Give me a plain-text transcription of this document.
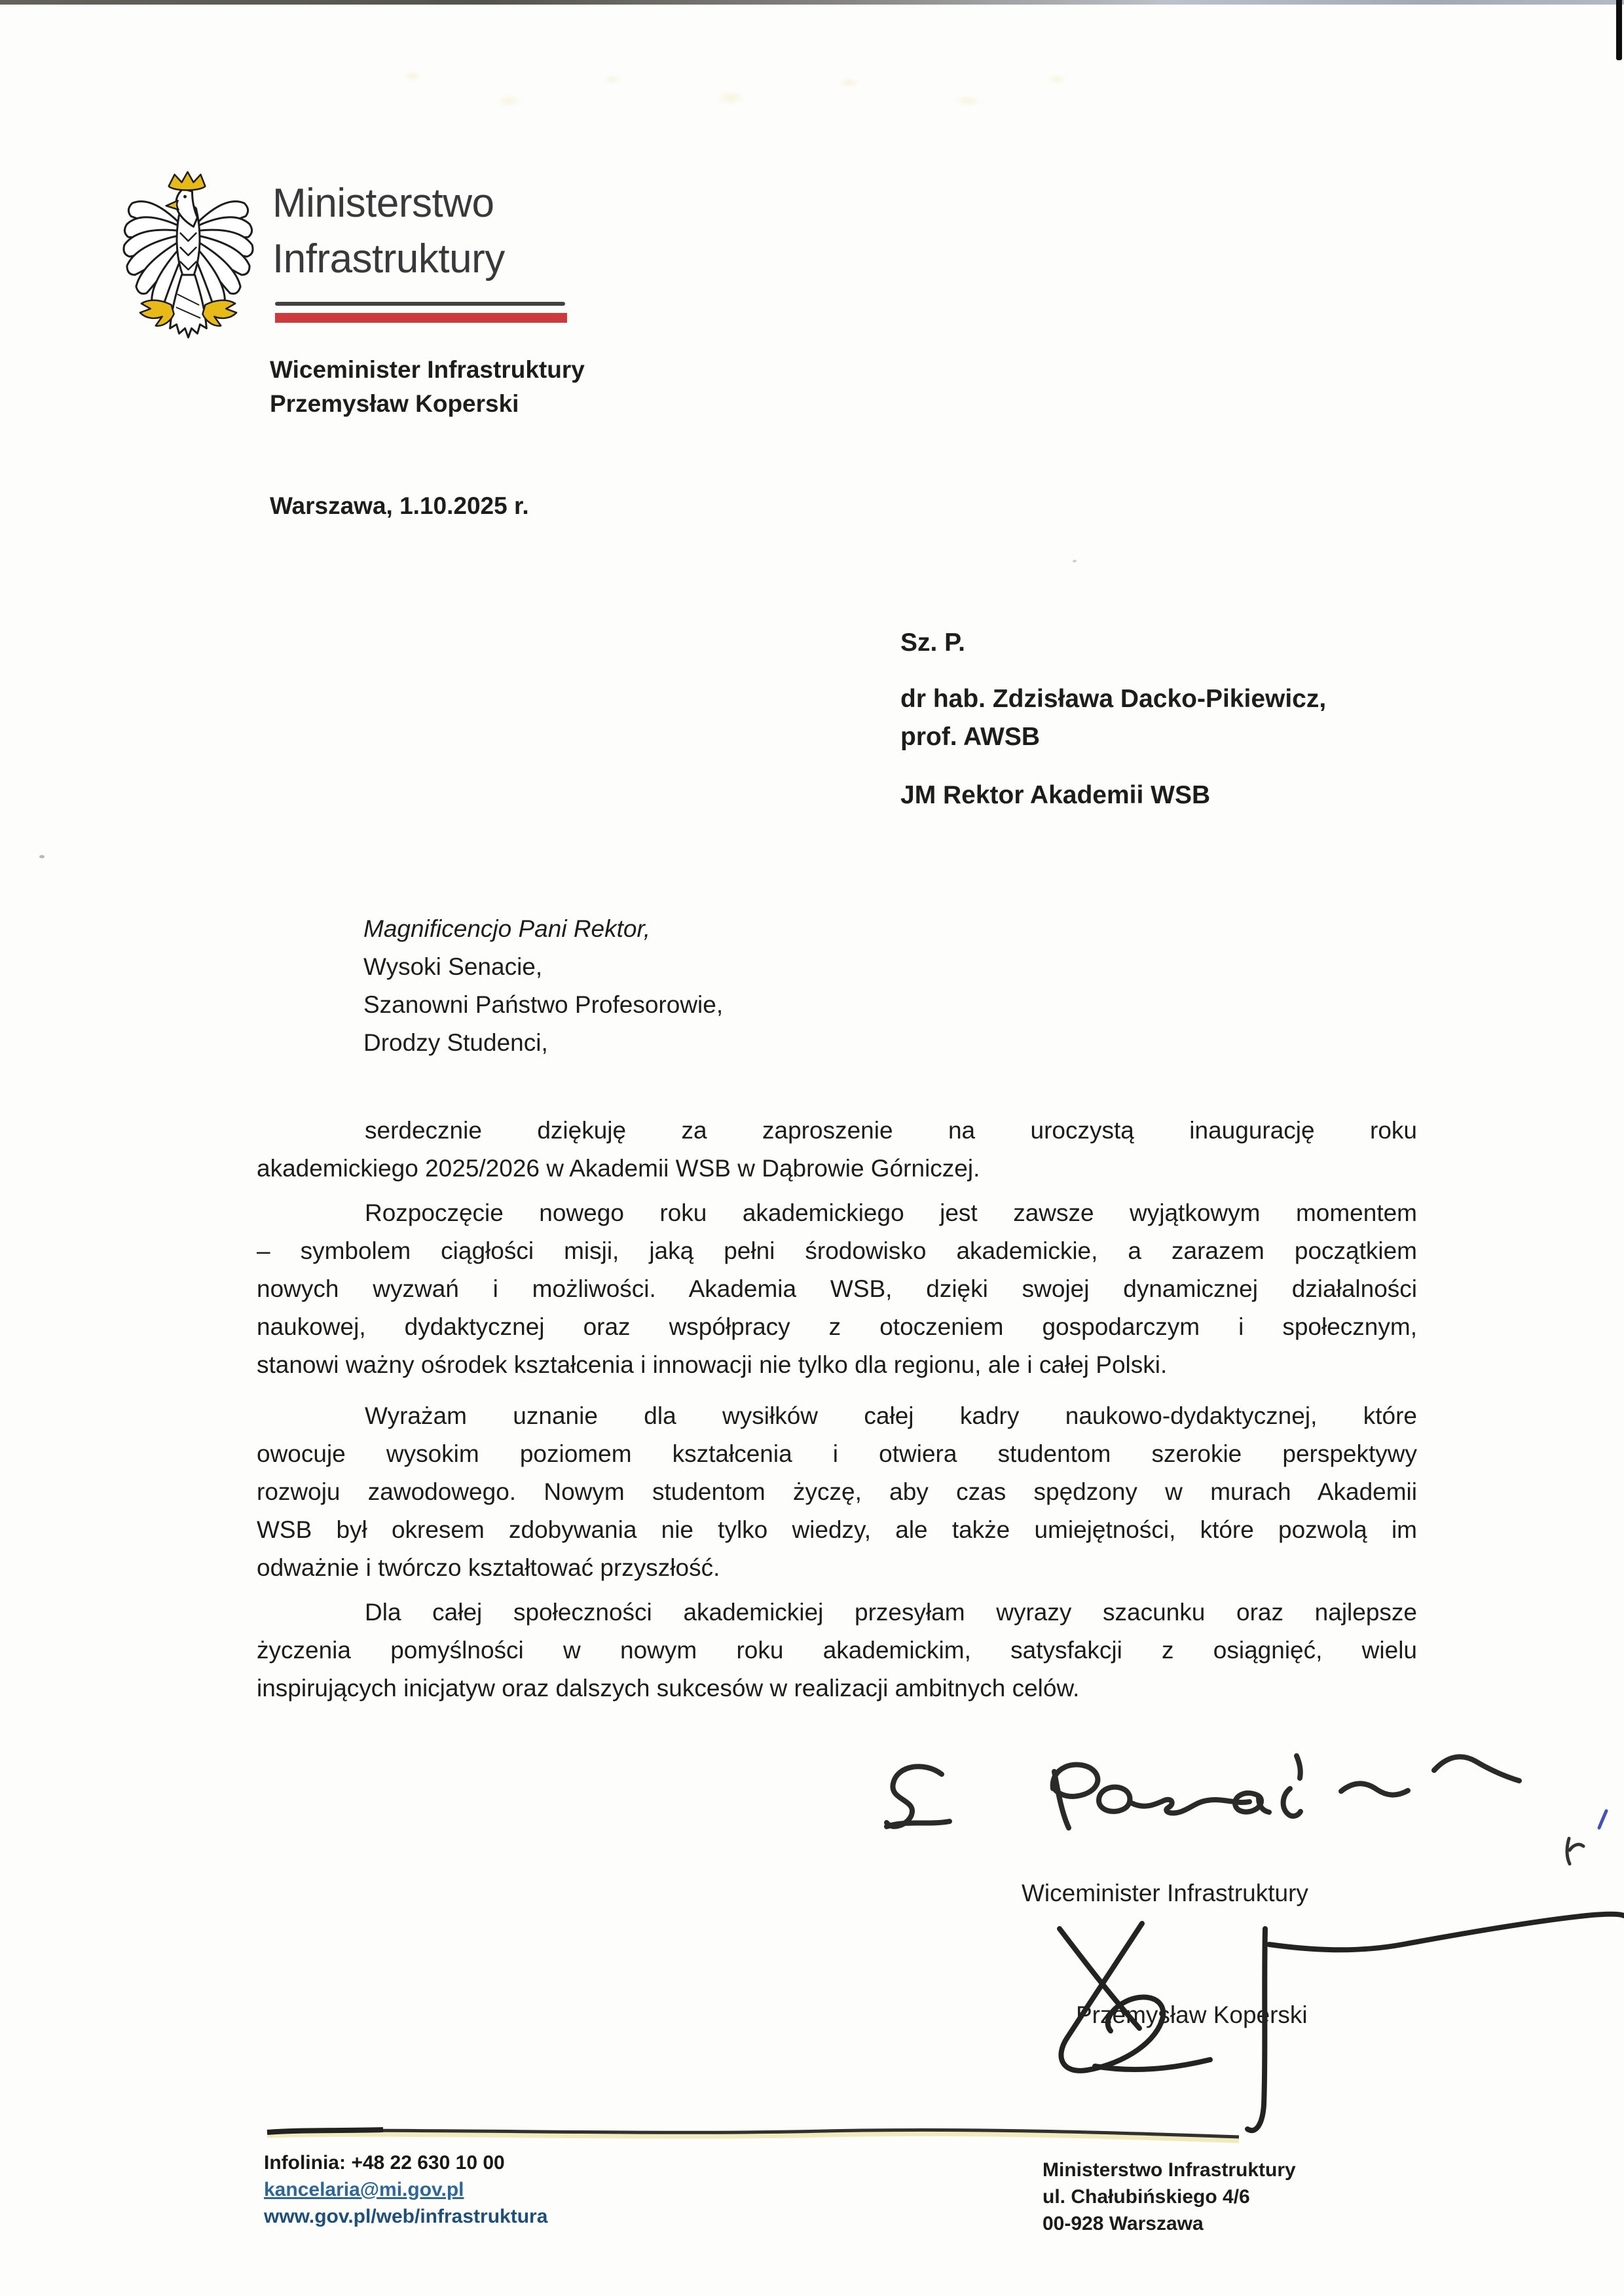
Ministerstwo
Infrastruktury
Wiceminister Infrastruktury
Przemysław Koperski
Warszawa, 1.10.2025 r.
Sz. P.
dr hab. Zdzisława Dacko-Pikiewicz,
prof. AWSB
JM Rektor Akademii WSB
Magnificencjo Pani Rektor,
Wysoki Senacie,
Szanowni Państwo Profesorowie,
Drodzy Studenci,
serdecznie dziękuję za zaproszenie na uroczystą inaugurację roku
akademickiego 2025/2026 w Akademii WSB w Dąbrowie Górniczej.
Rozpoczęcie nowego roku akademickiego jest zawsze wyjątkowym momentem
– symbolem ciągłości misji, jaką pełni środowisko akademickie, a zarazem początkiem
nowych wyzwań i możliwości. Akademia WSB, dzięki swojej dynamicznej działalności
naukowej, dydaktycznej oraz współpracy z otoczeniem gospodarczym i społecznym,
stanowi ważny ośrodek kształcenia i innowacji nie tylko dla regionu, ale i całej Polski.
Wyrażam uznanie dla wysiłków całej kadry naukowo-dydaktycznej, które
owocuje wysokim poziomem kształcenia i otwiera studentom szerokie perspektywy
rozwoju zawodowego. Nowym studentom życzę, aby czas spędzony w murach Akademii
WSB był okresem zdobywania nie tylko wiedzy, ale także umiejętności, które pozwolą im
odważnie i twórczo kształtować przyszłość.
Dla całej społeczności akademickiej przesyłam wyrazy szacunku oraz najlepsze
życzenia pomyślności w nowym roku akademickim, satysfakcji z osiągnięć, wielu
inspirujących inicjatyw oraz dalszych sukcesów w realizacji ambitnych celów.
Wiceminister Infrastruktury
Przemysław Koperski
Infolinia: +48 22 630 10 00
kancelaria@mi.gov.pl
www.gov.pl/web/infrastruktura
Ministerstwo Infrastruktury
ul. Chałubińskiego 4/6
00-928 Warszawa
